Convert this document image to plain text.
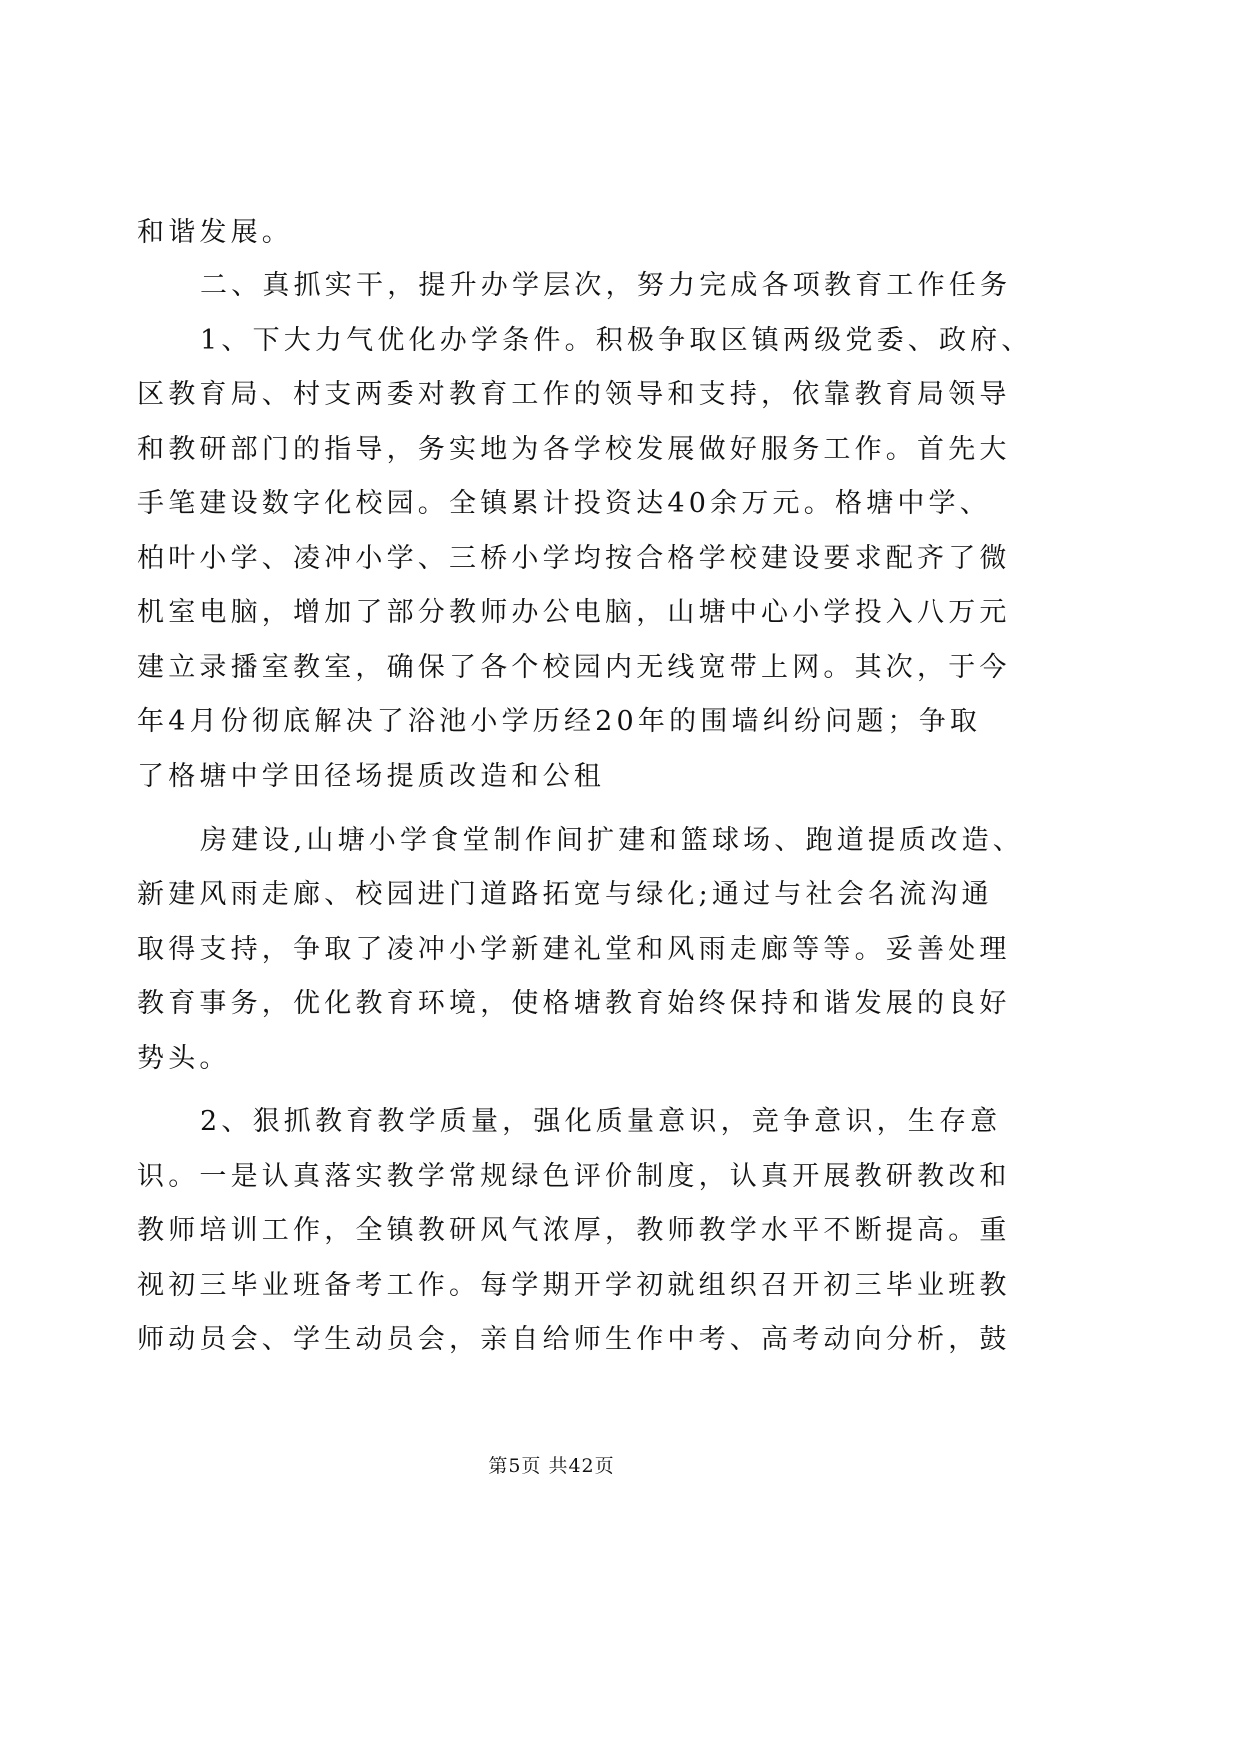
和谐发展。
二、真抓实干，提升办学层次，努力完成各项教育工作任务
1、下大力气优化办学条件。积极争取区镇两级党委、政府、
区教育局、村支两委对教育工作的领导和支持，依靠教育局领导
和教研部门的指导，务实地为各学校发展做好服务工作。首先大
手笔建设数字化校园。全镇累计投资达40余万元。格塘中学、
柏叶小学、凌冲小学、三桥小学均按合格学校建设要求配齐了微
机室电脑，增加了部分教师办公电脑，山塘中心小学投入八万元
建立录播室教室，确保了各个校园内无线宽带上网。其次，于今
年4月份彻底解决了浴池小学历经20年的围墙纠纷问题；争取
了格塘中学田径场提质改造和公租
房建设,山塘小学食堂制作间扩建和篮球场、跑道提质改造、
新建风雨走廊、校园进门道路拓宽与绿化;通过与社会名流沟通
取得支持，争取了凌冲小学新建礼堂和风雨走廊等等。妥善处理
教育事务，优化教育环境，使格塘教育始终保持和谐发展的良好
势头。
2、狠抓教育教学质量，强化质量意识，竞争意识，生存意
识。一是认真落实教学常规绿色评价制度，认真开展教研教改和
教师培训工作，全镇教研风气浓厚，教师教学水平不断提高。重
视初三毕业班备考工作。每学期开学初就组织召开初三毕业班教
师动员会、学生动员会，亲自给师生作中考、高考动向分析，鼓
第5页 共42页
